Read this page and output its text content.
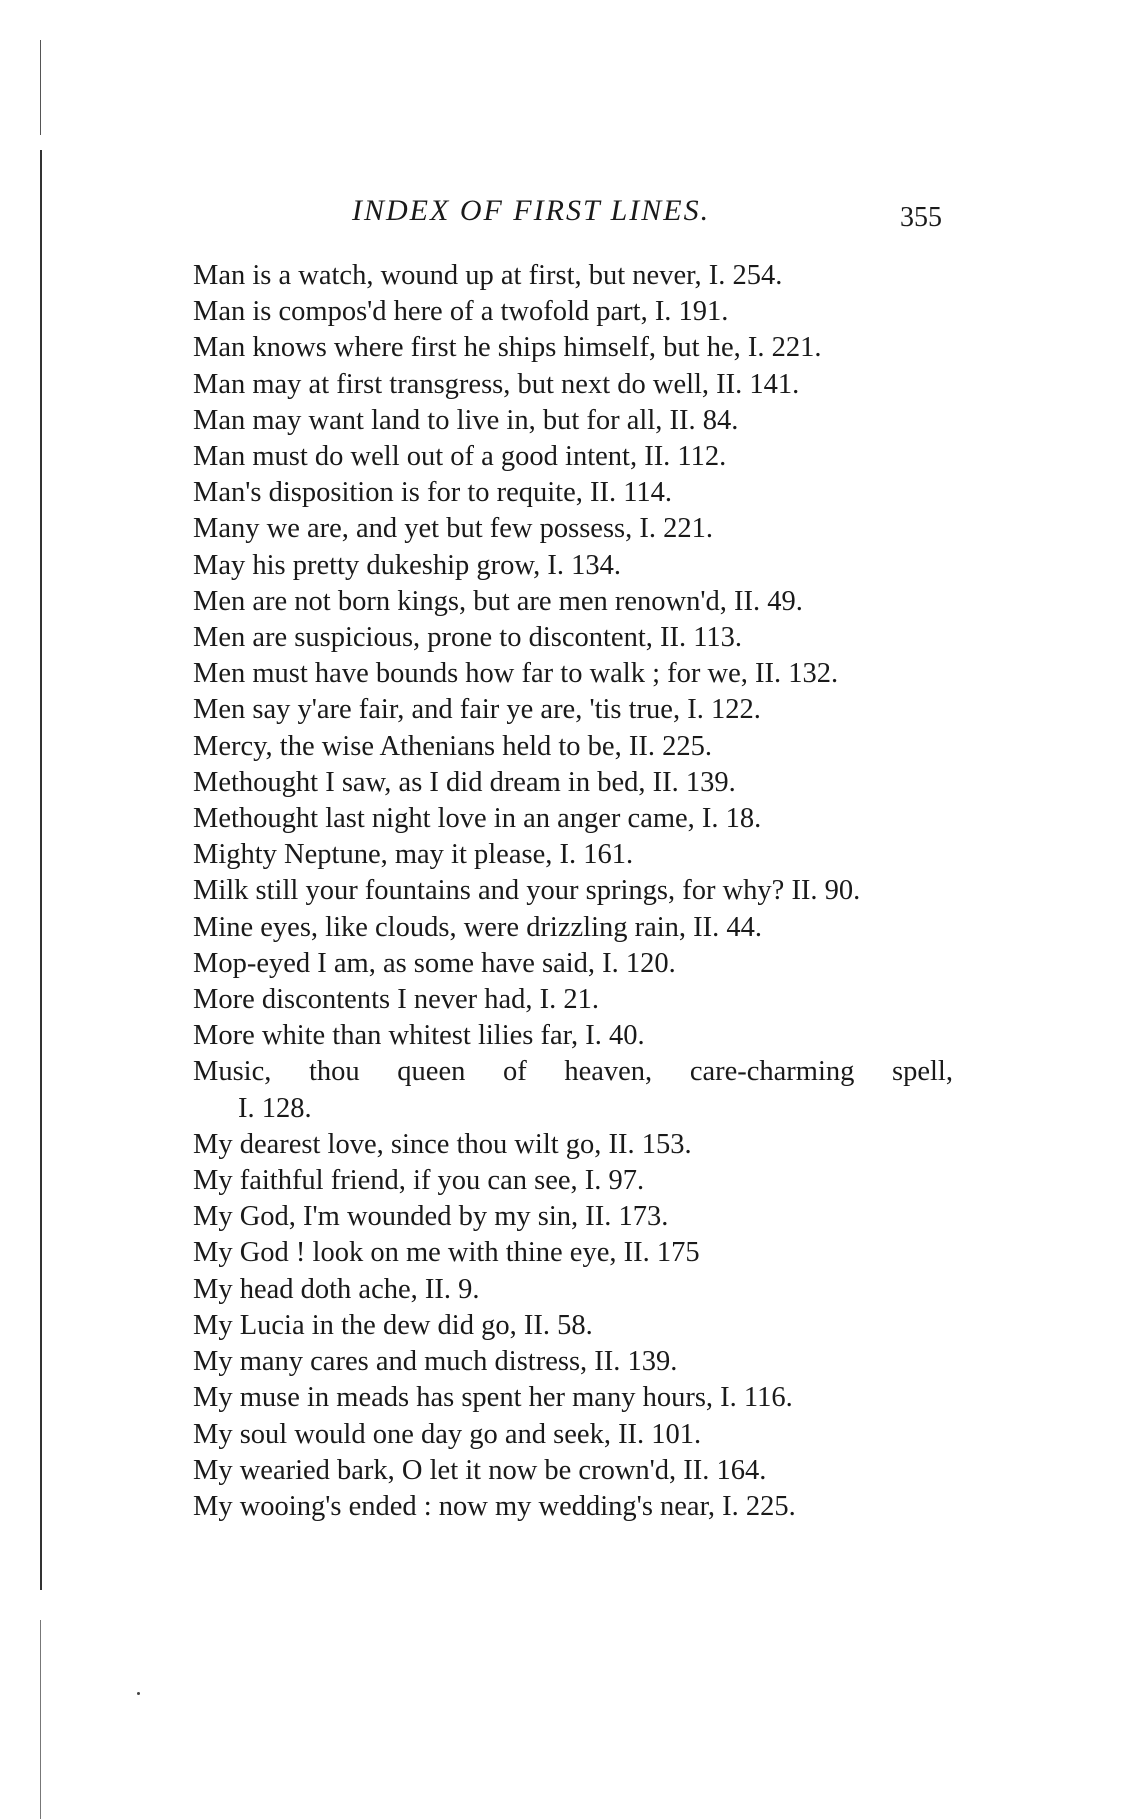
INDEX OF FIRST LINES.	355
Man is a watch, wound up at first, but never, I. 254.
Man is compos'd here of a twofold part, I. 191.
Man knows where first he ships himself, but he, I. 221.
Man may at first transgress, but next do well, II. 141.
Man may want land to live in, but for all, II. 84.
Man must do well out of a good intent, II. 112.
Man's disposition is for to requite, II. 114.
Many we are, and yet but few possess, I. 221.
May his pretty dukeship grow, I. 134.
Men are not born kings, but are men renown'd, II. 49.
Men are suspicious, prone to discontent, II. 113.
Men must have bounds how far to walk ; for we, II. 132.
Men say y'are fair, and fair ye are, 'tis true, I. 122.
Mercy, the wise Athenians held to be, II. 225.
Methought I saw, as I did dream in bed, II. 139.
Methought last night love in an anger came, I. 18.
Mighty Neptune, may it please, I. 161.
Milk still your fountains and your springs, for why? II. 90.
Mine eyes, like clouds, were drizzling rain, II. 44.
Mop-eyed I am, as some have said, I. 120.
More discontents I never had, I. 21.
More white than whitest lilies far, I. 40.
Music, thou queen of heaven, care-charming spell,
I. 128.
My dearest love, since thou wilt go, II. 153.
My faithful friend, if you can see, I. 97.
My God, I'm wounded by my sin, II. 173.
My God ! look on me with thine eye, II. 175
My head doth ache, II. 9.
My Lucia in the dew did go, II. 58.
My many cares and much distress, II. 139.
My muse in meads has spent her many hours, I. 116.
My soul would one day go and seek, II. 101.
My wearied bark, O let it now be crown'd, II. 164.
My wooing's ended : now my wedding's near, I. 225.
